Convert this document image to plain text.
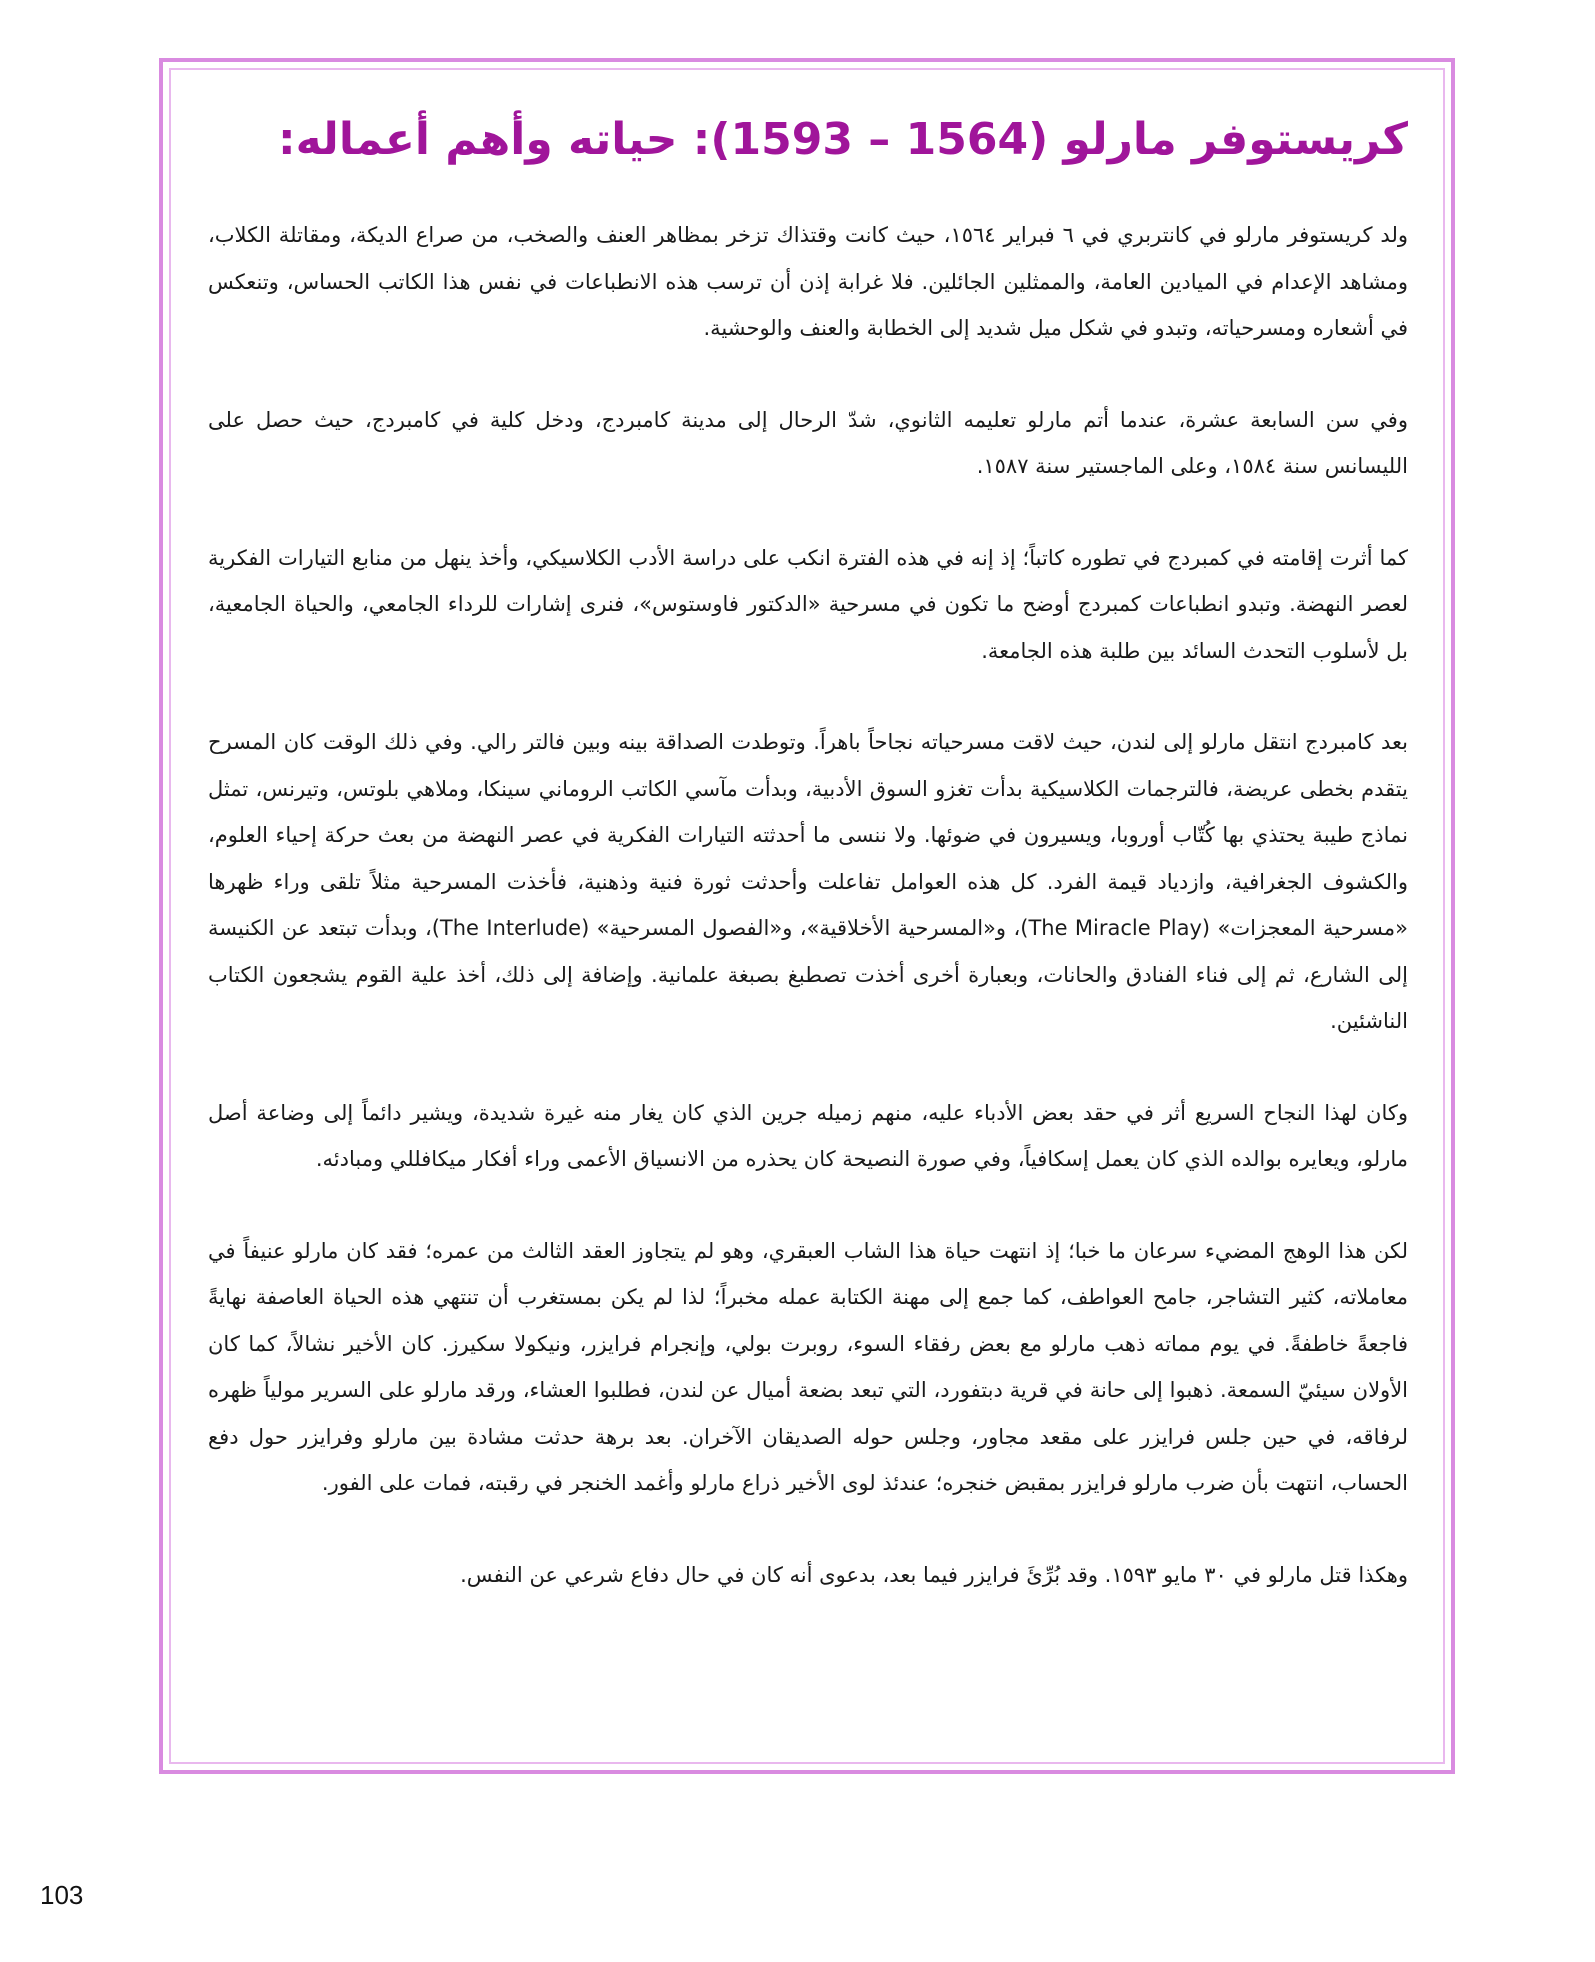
كريستوفر مارلو (1564 – 1593): حياته وأهم أعماله:

ولد كريستوفر مارلو في كانتربري في ٦ فبراير ١٥٦٤، حيث كانت وقتذاك تزخر بمظاهر العنف والصخب، من صراع الديكة، ومقاتلة الكلاب، ومشاهد الإعدام في الميادين العامة، والممثلين الجائلين. فلا غرابة إذن أن ترسب هذه الانطباعات في نفس هذا الكاتب الحساس، وتنعكس في أشعاره ومسرحياته، وتبدو في شكل ميل شديد إلى الخطابة والعنف والوحشية.

وفي سن السابعة عشرة، عندما أتم مارلو تعليمه الثانوي، شدّ الرحال إلى مدينة كامبردج، ودخل كلية في كامبردج، حيث حصل على الليسانس سنة ١٥٨٤، وعلى الماجستير سنة ١٥٨٧.

كما أثرت إقامته في كمبردج في تطوره كاتباً؛ إذ إنه في هذه الفترة انكب على دراسة الأدب الكلاسيكي، وأخذ ينهل من منابع التيارات الفكرية لعصر النهضة. وتبدو انطباعات كمبردج أوضح ما تكون في مسرحية «الدكتور فاوستوس»، فنرى إشارات للرداء الجامعي، والحياة الجامعية، بل لأسلوب التحدث السائد بين طلبة هذه الجامعة.

بعد كامبردج انتقل مارلو إلى لندن، حيث لاقت مسرحياته نجاحاً باهراً. وتوطدت الصداقة بينه وبين فالتر رالي. وفي ذلك الوقت كان المسرح يتقدم بخطى عريضة، فالترجمات الكلاسيكية بدأت تغزو السوق الأدبية، وبدأت مآسي الكاتب الروماني سينكا، وملاهي بلوتس، وتيرنس، تمثل نماذج طيبة يحتذي بها كُتّاب أوروبا، ويسيرون في ضوئها. ولا ننسى ما أحدثته التيارات الفكرية في عصر النهضة من بعث حركة إحياء العلوم، والكشوف الجغرافية، وازدياد قيمة الفرد. كل هذه العوامل تفاعلت وأحدثت ثورة فنية وذهنية، فأخذت المسرحية مثلاً تلقى وراء ظهرها «مسرحية المعجزات» (The Miracle Play)، و«المسرحية الأخلاقية»، و«الفصول المسرحية» (The Interlude)، وبدأت تبتعد عن الكنيسة إلى الشارع، ثم إلى فناء الفنادق والحانات، وبعبارة أخرى أخذت تصطبغ بصبغة علمانية. وإضافة إلى ذلك، أخذ علية القوم يشجعون الكتاب الناشئين.

وكان لهذا النجاح السريع أثر في حقد بعض الأدباء عليه، منهم زميله جرين الذي كان يغار منه غيرة شديدة، ويشير دائماً إلى وضاعة أصل مارلو، ويعايره بوالده الذي كان يعمل إسكافياً، وفي صورة النصيحة كان يحذره من الانسياق الأعمى وراء أفكار ميكافللي ومبادئه.

لكن هذا الوهج المضيء سرعان ما خبا؛ إذ انتهت حياة هذا الشاب العبقري، وهو لم يتجاوز العقد الثالث من عمره؛ فقد كان مارلو عنيفاً في معاملاته، كثير التشاجر، جامح العواطف، كما جمع إلى مهنة الكتابة عمله مخبراً؛ لذا لم يكن بمستغرب أن تنتهي هذه الحياة العاصفة نهايةً فاجعةً خاطفةً. في يوم مماته ذهب مارلو مع بعض رفقاء السوء، روبرت بولي، وإنجرام فرايزر، ونيكولا سكيرز. كان الأخير نشالاً، كما كان الأولان سيئيّ السمعة. ذهبوا إلى حانة في قرية دبتفورد، التي تبعد بضعة أميال عن لندن، فطلبوا العشاء، ورقد مارلو على السرير مولياً ظهره لرفاقه، في حين جلس فرايزر على مقعد مجاور، وجلس حوله الصديقان الآخران. بعد برهة حدثت مشادة بين مارلو وفرايزر حول دفع الحساب، انتهت بأن ضرب مارلو فرايزر بمقبض خنجره؛ عندئذ لوى الأخير ذراع مارلو وأغمد الخنجر في رقبته، فمات على الفور.

وهكذا قتل مارلو في ٣٠ مايو ١٥٩٣. وقد بُرِّئَ فرايزر فيما بعد، بدعوى أنه كان في حال دفاع شرعي عن النفس.

103
